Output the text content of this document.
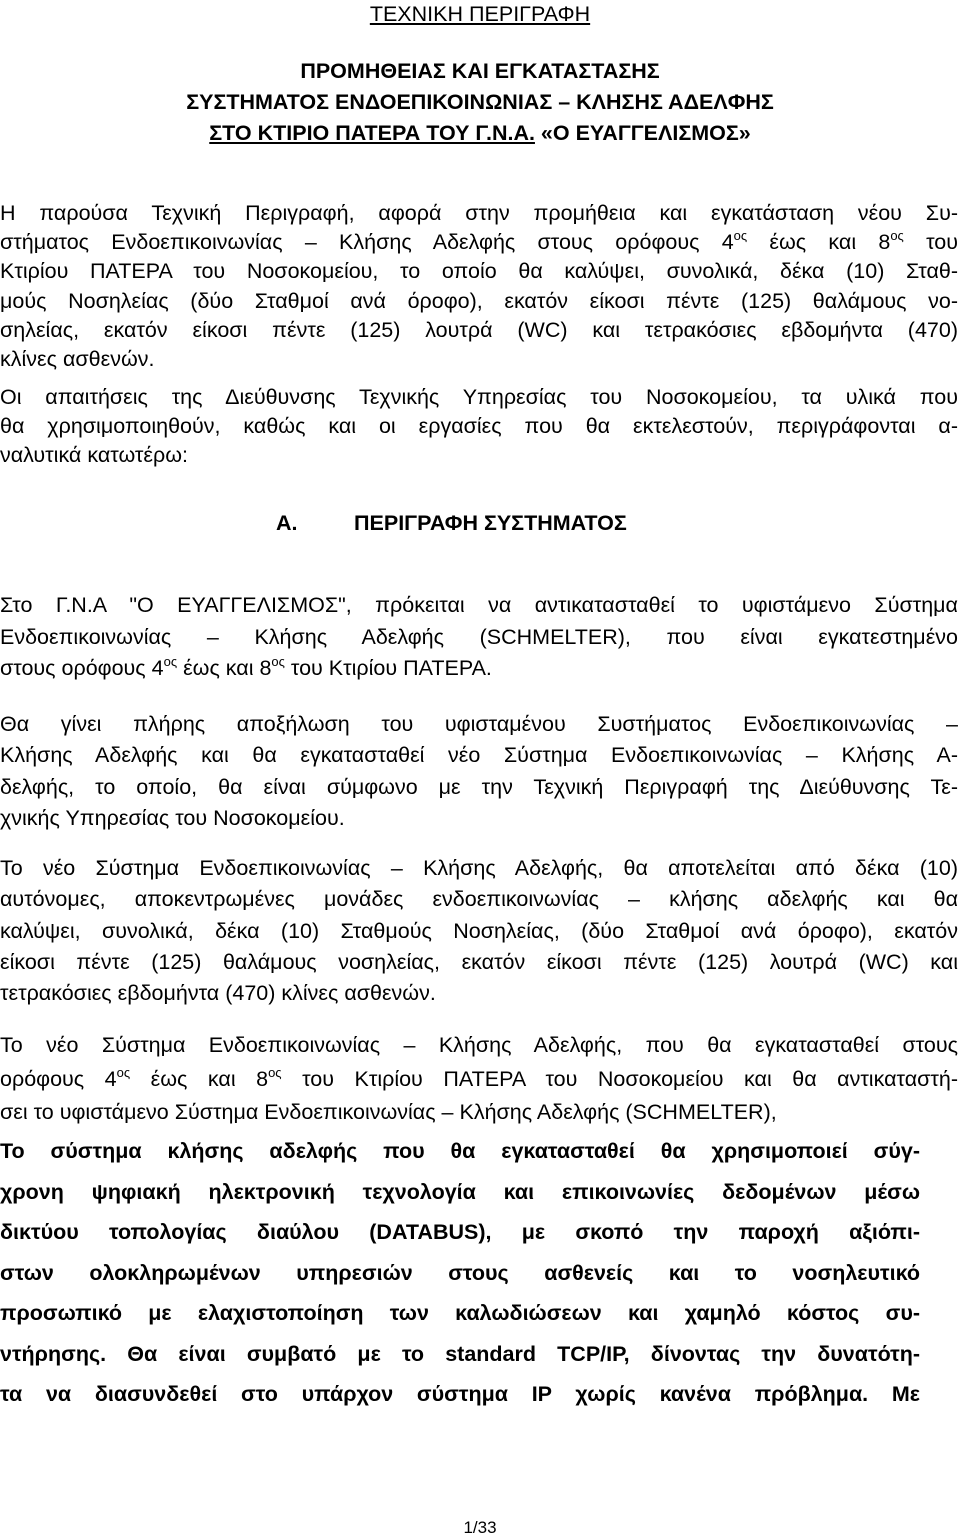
ΤΕΧΝΙΚΗ ΠΕΡΙΓΡΑΦΗ
ΠΡΟΜΗΘΕΙΑΣ ΚΑΙ ΕΓΚΑΤΑΣΤΑΣΗΣ
ΣΥΣΤΗΜΑΤΟΣ ΕΝΔΟΕΠΙΚΟΙΝΩΝΙΑΣ – ΚΛΗΣΗΣ ΑΔΕΛΦΗΣ
ΣΤΟ ΚΤΙΡΙΟ ΠΑΤΕΡΑ ΤΟΥ Γ.Ν.Α. «Ο ΕΥΑΓΓΕΛΙΣΜΟΣ»
Η παρούσα Τεχνική Περιγραφή, αφορά στην προμήθεια και εγκατάσταση νέου Συ-
στήματος Ενδοεπικοινωνίας – Κλήσης Αδελφής στους ορόφους $4^{o\varsigma}$ έως και $8^{o\varsigma}$ του
Κτιρίου ΠΑΤΕΡΑ του Νοσοκομείου, το οποίο θα καλύψει, συνολικά, δέκα (10) Σταθ-
μούς Νοσηλείας (δύο Σταθμοί ανά όροφο), εκατόν είκοσι πέντε (125) θαλάμους νο-
σηλείας, εκατόν είκοσι πέντε (125) λουτρά (WC) και τετρακόσιες εβδομήντα (470)
κλίνες ασθενών.
Οι απαιτήσεις της Διεύθυνσης Τεχνικής Υπηρεσίας του Νοσοκομείου, τα υλικά που
θα χρησιμοποιηθούν, καθώς και οι εργασίες που θα εκτελεστούν, περιγράφονται α-
ναλυτικά κατωτέρω:
Α.	ΠΕΡΙΓΡΑΦΗ ΣΥΣΤΗΜΑΤΟΣ
Στο Γ.Ν.Α "Ο ΕΥΑΓΓΕΛΙΣΜΟΣ", πρόκειται να αντικατασταθεί το υφιστάμενο Σύστημα
Ενδοεπικοινωνίας – Κλήσης Αδελφής (SCHMELTER), που είναι εγκατεστημένο
στους ορόφους $4^{o\varsigma}$ έως και $8^{o\varsigma}$ του Κτιρίου ΠΑΤΕΡΑ.
Θα γίνει πλήρης αποξήλωση του υφισταμένου Συστήματος Ενδοεπικοινωνίας –
Κλήσης Αδελφής και θα εγκατασταθεί νέο Σύστημα Ενδοεπικοινωνίας – Κλήσης Α-
δελφής, το οποίο, θα είναι σύμφωνο με την Τεχνική Περιγραφή της Διεύθυνσης Τε-
χνικής Υπηρεσίας του Νοσοκομείου.
Το νέο Σύστημα Ενδοεπικοινωνίας – Κλήσης Αδελφής, θα αποτελείται από δέκα (10)
αυτόνομες, αποκεντρωμένες μονάδες ενδοεπικοινωνίας – κλήσης αδελφής και θα
καλύψει, συνολικά, δέκα (10) Σταθμούς Νοσηλείας, (δύο Σταθμοί ανά όροφο), εκατόν
είκοσι πέντε (125) θαλάμους νοσηλείας, εκατόν είκοσι πέντε (125) λουτρά (WC) και
τετρακόσιες εβδομήντα (470) κλίνες ασθενών.
Το νέο Σύστημα Ενδοεπικοινωνίας – Κλήσης Αδελφής, που θα εγκατασταθεί στους
ορόφους $4^{o\varsigma}$ έως και $8^{o\varsigma}$ του Κτιρίου ΠΑΤΕΡΑ του Νοσοκομείου και θα αντικαταστή-
σει το υφιστάμενο Σύστημα Ενδοεπικοινωνίας – Κλήσης Αδελφής (SCHMELTER),
Το σύστημα κλήσης αδελφής που θα εγκατασταθεί θα χρησιμοποιεί σύγ-
χρονη ψηφιακή ηλεκτρονική τεχνολογία και επικοινωνίες δεδομένων μέσω
δικτύου τοπολογίας διαύλου (DATABUS), με σκοπό την παροχή αξιόπι-
στων ολοκληρωμένων υπηρεσιών στους ασθενείς και το νοσηλευτικό
προσωπικό με ελαχιστοποίηση των καλωδιώσεων και χαμηλό κόστος συ-
ντήρησης. Θα είναι συμβατό με το standard TCP/IP, δίνοντας την δυνατότη-
τα να διασυνδεθεί στο υπάρχον σύστημα IP χωρίς κανένα πρόβλημα. Με
1/33
